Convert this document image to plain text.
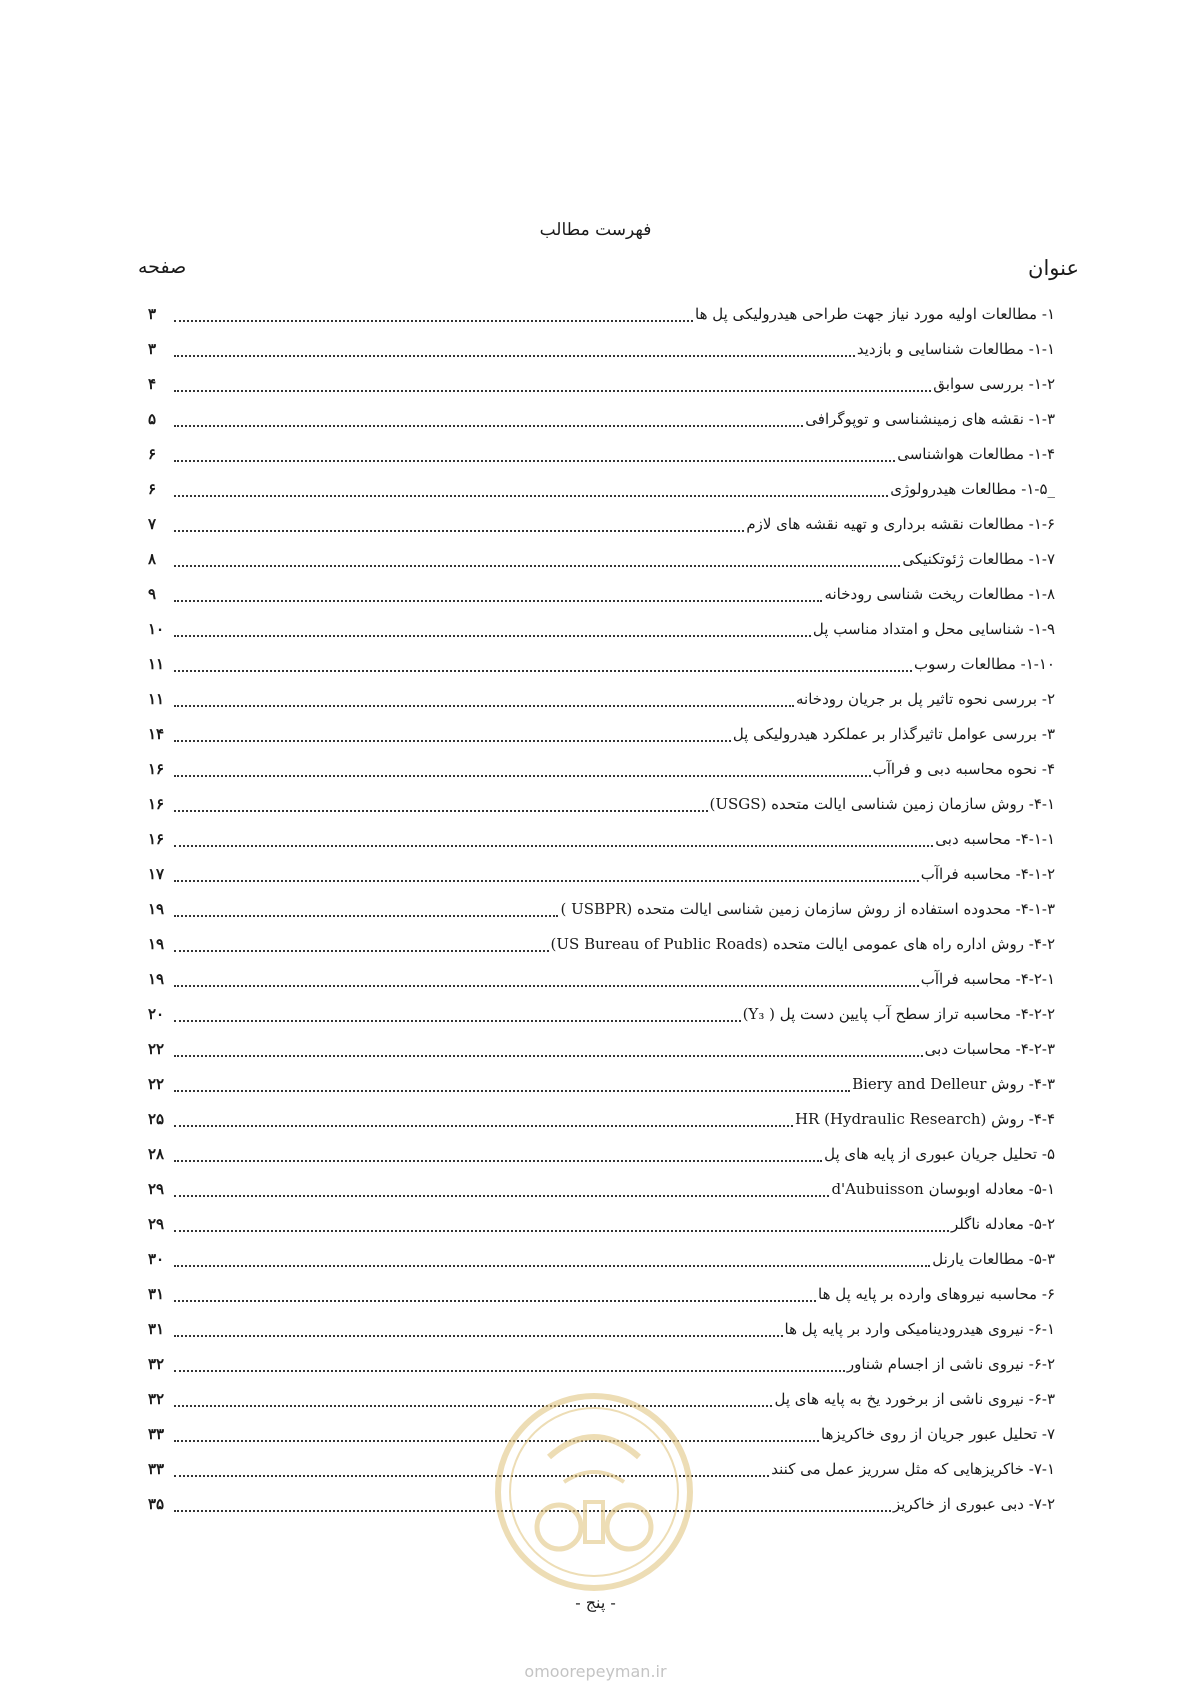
فهرست مطالب
عنوان
صفحه
۱- مطالعات اولیه مورد نیاز جهت طراحی هیدرولیکی پل ها
۳
۱-۱- مطالعات شناسایی و بازدید
۳
۱-۲- بررسی سوابق
۴
۱-۳- نقشه های زمینشناسی و توپوگرافی
۵
۱-۴- مطالعات هواشناسی
۶
_۱-۵- مطالعات هیدرولوژی
۶
۱-۶- مطالعات نقشه برداری و تهیه نقشه های لازم
۷
۱-۷- مطالعات ژئوتکنیکی
۸
۱-۸- مطالعات ریخت شناسی رودخانه
۹
۱-۹- شناسایی محل و امتداد مناسب پل
۱۰
۱-۱۰- مطالعات رسوب
۱۱
۲- بررسی نحوه تاثیر پل بر جریان رودخانه
۱۱
۳- بررسی عوامل تاثیرگذار بر عملکرد هیدرولیکی پل
۱۴
۴- نحوه محاسبه دبی و فراآب
۱۶
۴-۱- روش سازمان زمین شناسی ایالت متحده (USGS)
۱۶
۴-۱-۱- محاسبه دبی
۱۶
۴-۱-۲- محاسبه فراآب
۱۷
۴-۱-۳- محدوده استفاده از روش سازمان زمین شناسی ایالت متحده (USBPR )
۱۹
۴-۲- روش اداره راه های عمومی ایالت متحده (US Bureau of Public Roads)
۱۹
۴-۲-۱- محاسبه فراآب
۱۹
۴-۲-۲- محاسبه تراز سطح آب پایین دست پل ( Y₃)
۲۰
۴-۲-۳- محاسبات دبی
۲۲
۴-۳- روش Biery and Delleur
۲۲
۴-۴- روش HR (Hydraulic Research)
۲۵
۵- تحلیل جریان عبوری از پایه های پل
۲۸
۵-۱- معادله اوبوسان d'Aubuisson
۲۹
۵-۲- معادله ناگلر
۲۹
۵-۳- مطالعات یارنل
۳۰
۶- محاسبه نیروهای وارده بر پایه پل ها
۳۱
۶-۱- نیروی هیدرودینامیکی وارد بر پایه پل ها
۳۱
۶-۲- نیروی ناشی از اجسام شناور
۳۲
۶-۳- نیروی ناشی از برخورد یخ به پایه های پل
۳۲
۷- تحلیل عبور جریان از روی خاکریزها
۳۳
۷-۱- خاکریزهایی که مثل سرریز عمل می کنند
۳۳
۷-۲- دبی عبوری از خاکریز
۳۵
- پنج -
omoorepeyman.ir
